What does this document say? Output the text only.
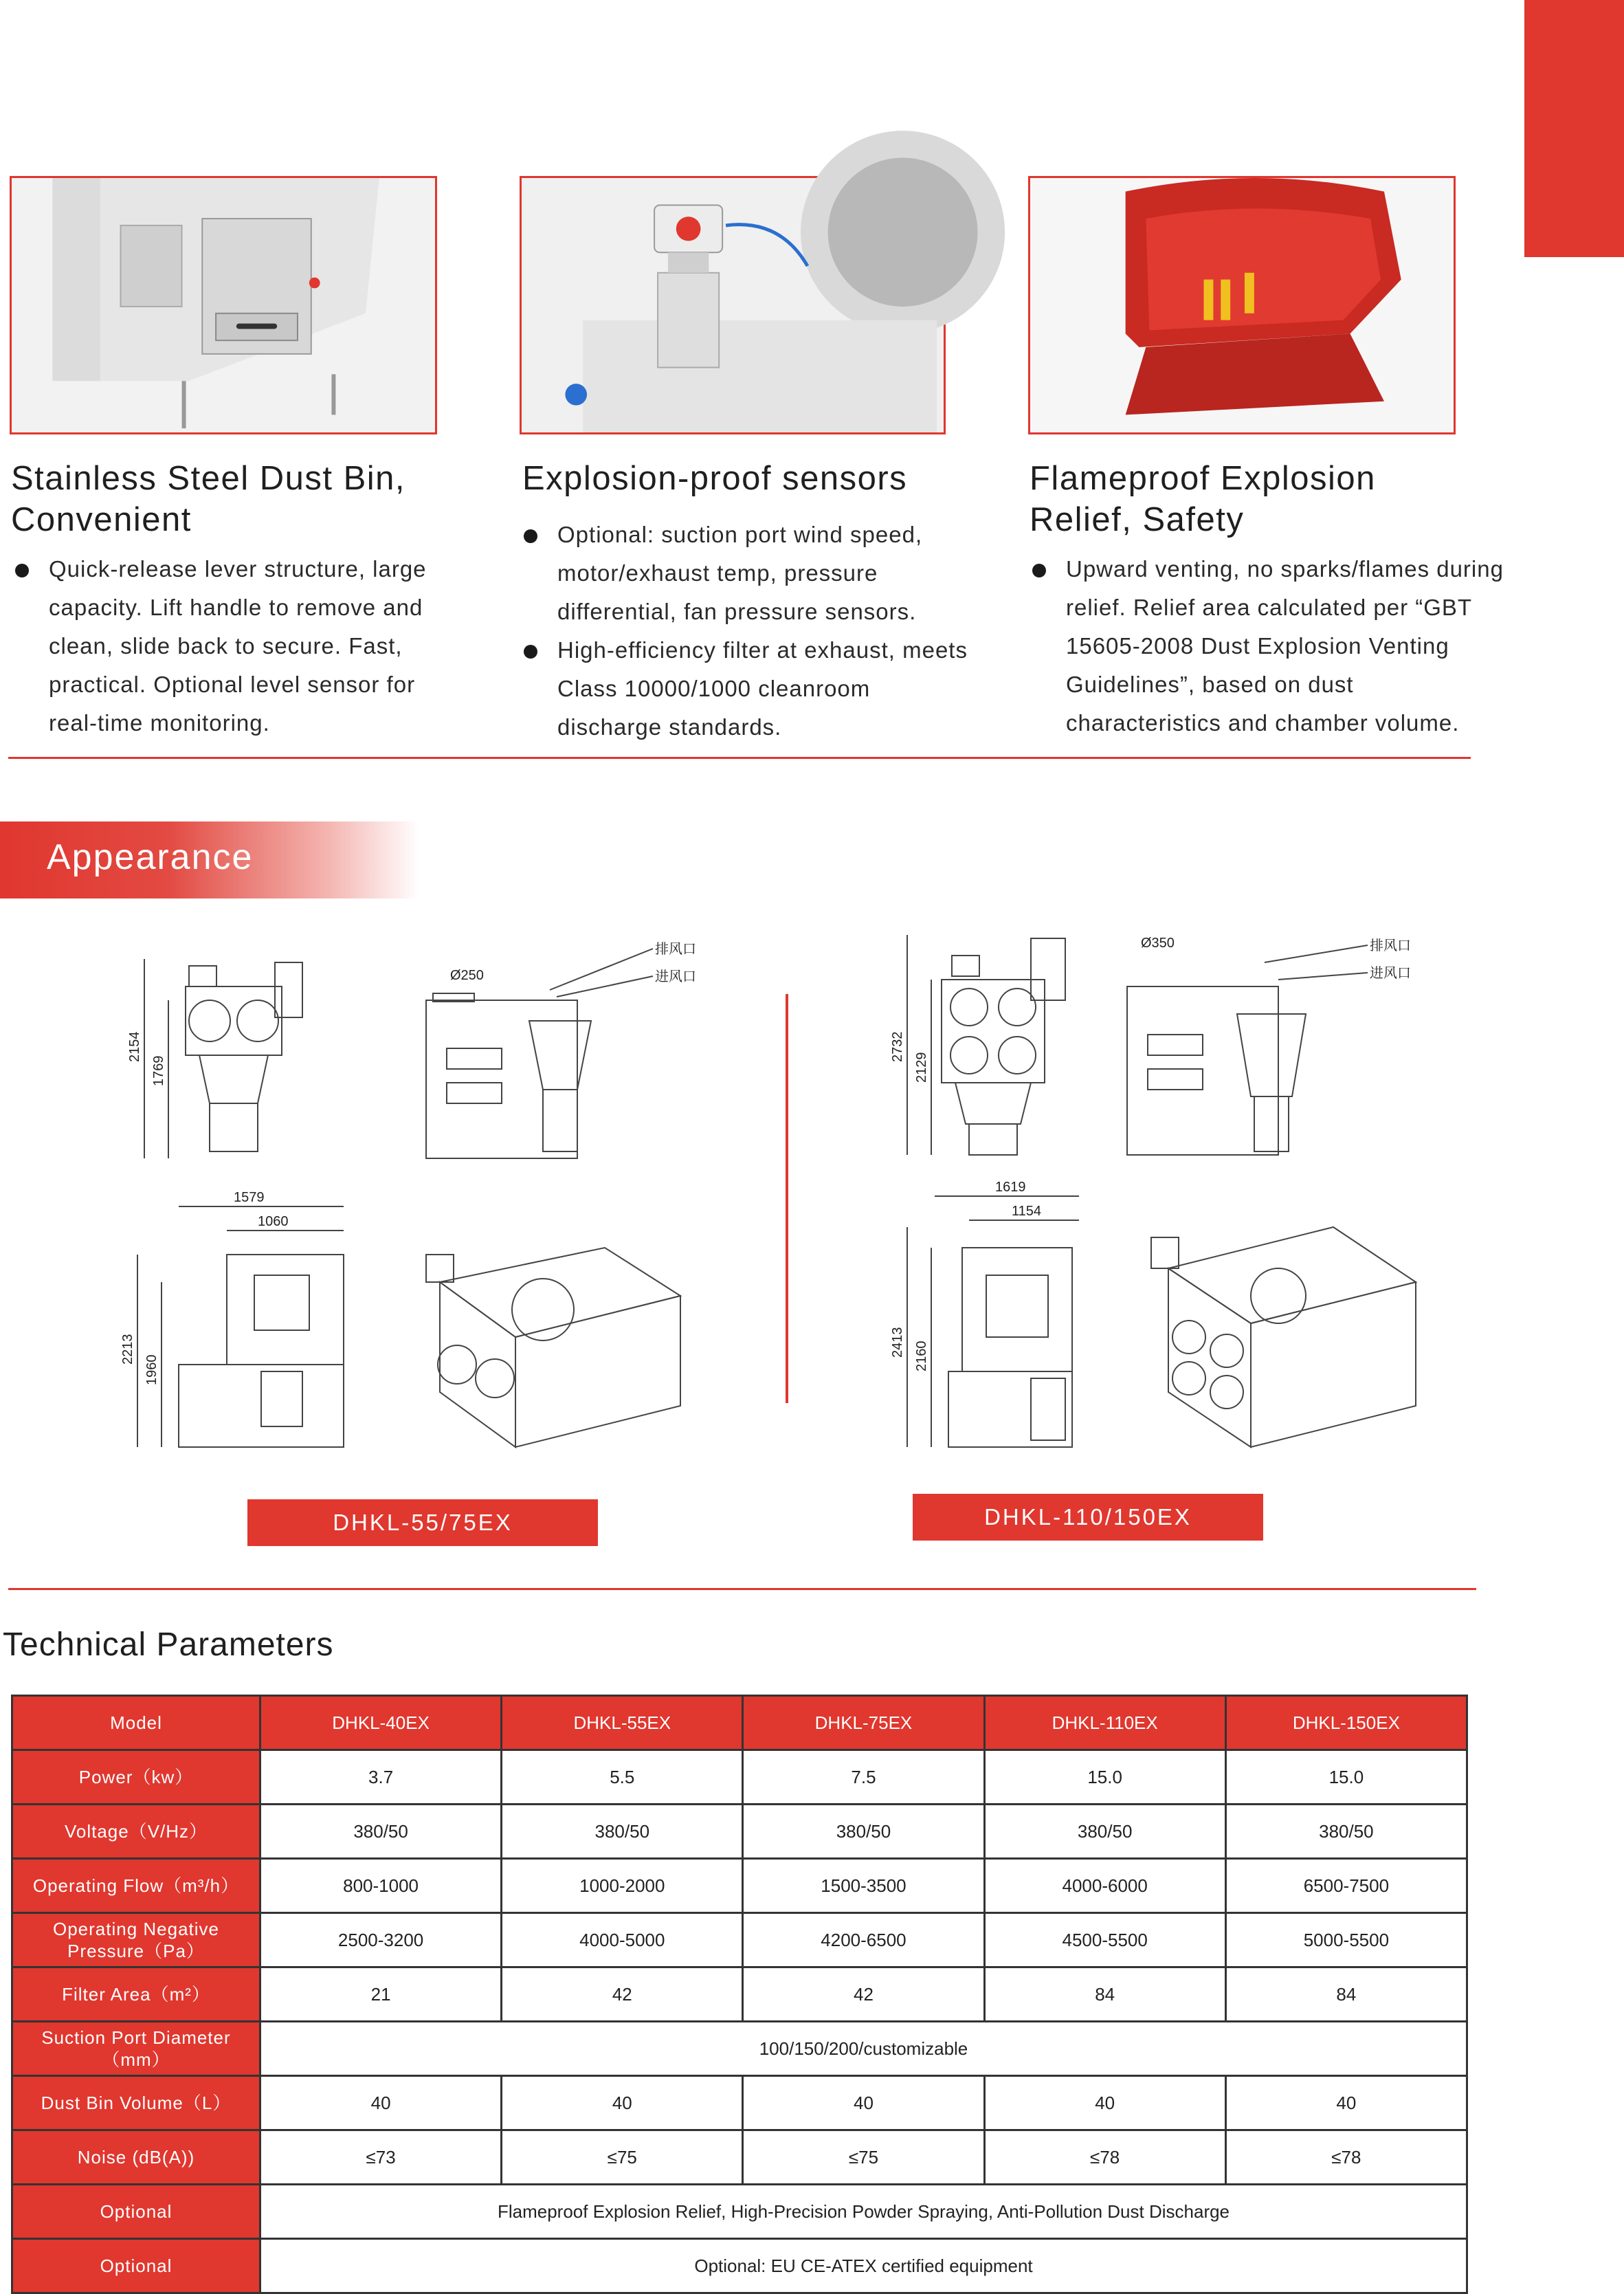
Stainless Steel Dust Bin,
Convenient
Quick-release lever structure, large capacity. Lift handle to remove and clean, slide back to secure. Fast, practical. Optional level sensor for real-time monitoring.
Explosion-proof sensors
Optional: suction port wind speed, motor/exhaust temp, pressure differential, fan pressure sensors.
High-efficiency filter at exhaust, meets Class 10000/1000 cleanroom discharge standards.
Flameproof Explosion
Relief, Safety
Upward venting, no sparks/flames during relief. Relief area calculated per “GBT 15605-2008 Dust Explosion Venting Guidelines”, based on dust characteristics and chamber volume.
Appearance
2154
1769
Ø250
排风口
进风口
1579
1060
2213
1960
2732
2129
Ø350	排风口
进风口
1619
1154
2413 2160
DHKL-55/75EX	DHKL-110/150EX
Technical Parameters
Model	DHKL-40EX	DHKL-55EX	DHKL-75EX	DHKL-110EX	DHKL-150EX
Power（kw）	3.7	5.5	7.5	15.0	15.0
Voltage（V/Hz）	380/50	380/50	380/50	380/50	380/50
Operating Flow（m³/h）	800-1000	1000-2000	1500-3500	4000-6000	6500-7500
Operating Negative Pressure（Pa）	2500-3200	4000-5000	4200-6500	4500-5500	5000-5500
Filter Area（m²）	21	42	42	84	84
Suction Port Diameter（mm）	100/150/200/customizable				
Dust Bin Volume（L）	40	40	40	40	40
Noise (dB(A))	≤73	≤75	≤75	≤78	≤78
Optional	Flameproof Explosion Relief, High-Precision Powder Spraying, Anti-Pollution Dust Discharge				
Optional	Optional: EU CE-ATEX certified equipment				
